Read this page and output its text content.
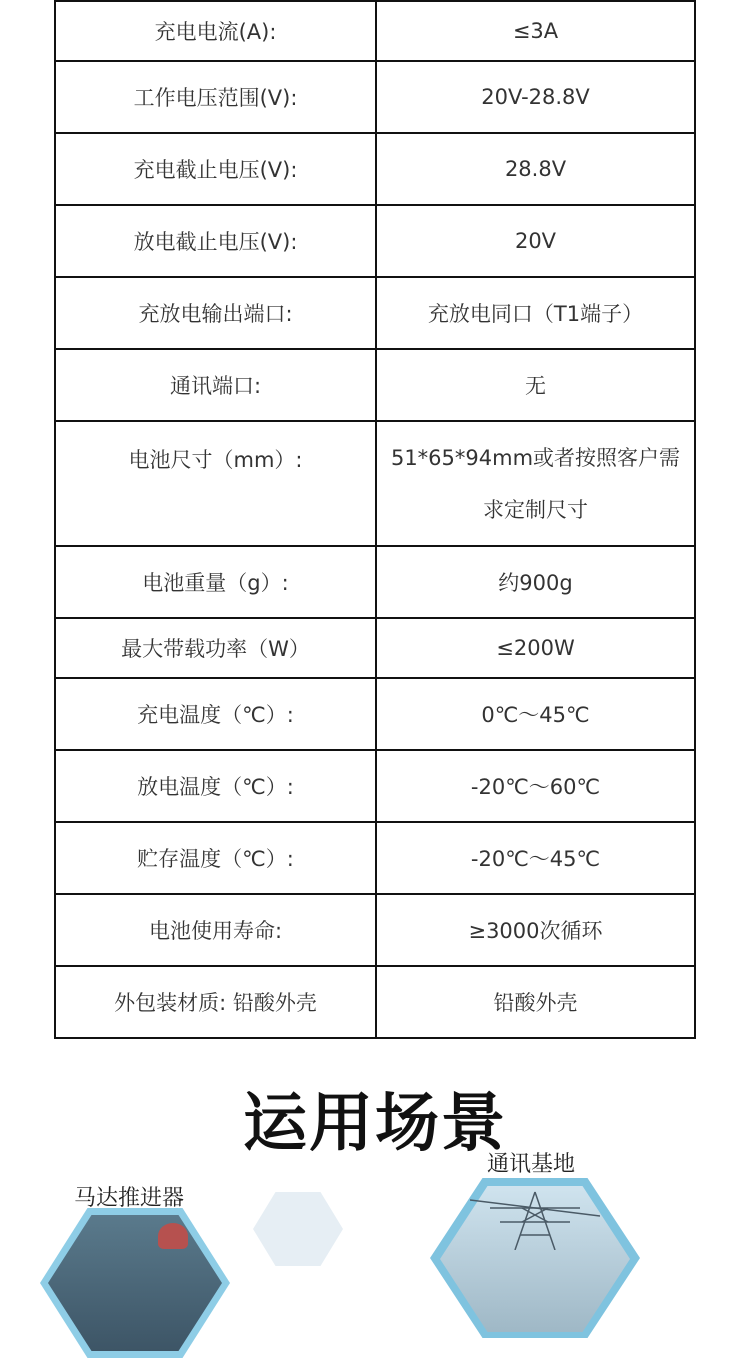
充电电流(A):	≤3A
工作电压范围(V):	20V-28.8V
充电截止电压(V):	28.8V
放电截止电压(V):	20V
充放电输出端口:	充放电同口（T1端子）
通讯端口:	无
电池尺寸（mm）:	51*65*94mm或者按照客户需求定制尺寸
电池重量（g）:	约900g
最大带载功率（W）	≤200W
充电温度（℃）:	0℃～45℃
放电温度（℃）:	-20℃～60℃
贮存温度（℃）:	-20℃～45℃
电池使用寿命:	≥3000次循环
外包装材质: 铅酸外壳	铅酸外壳
运用场景
马达推进器
通讯基地
